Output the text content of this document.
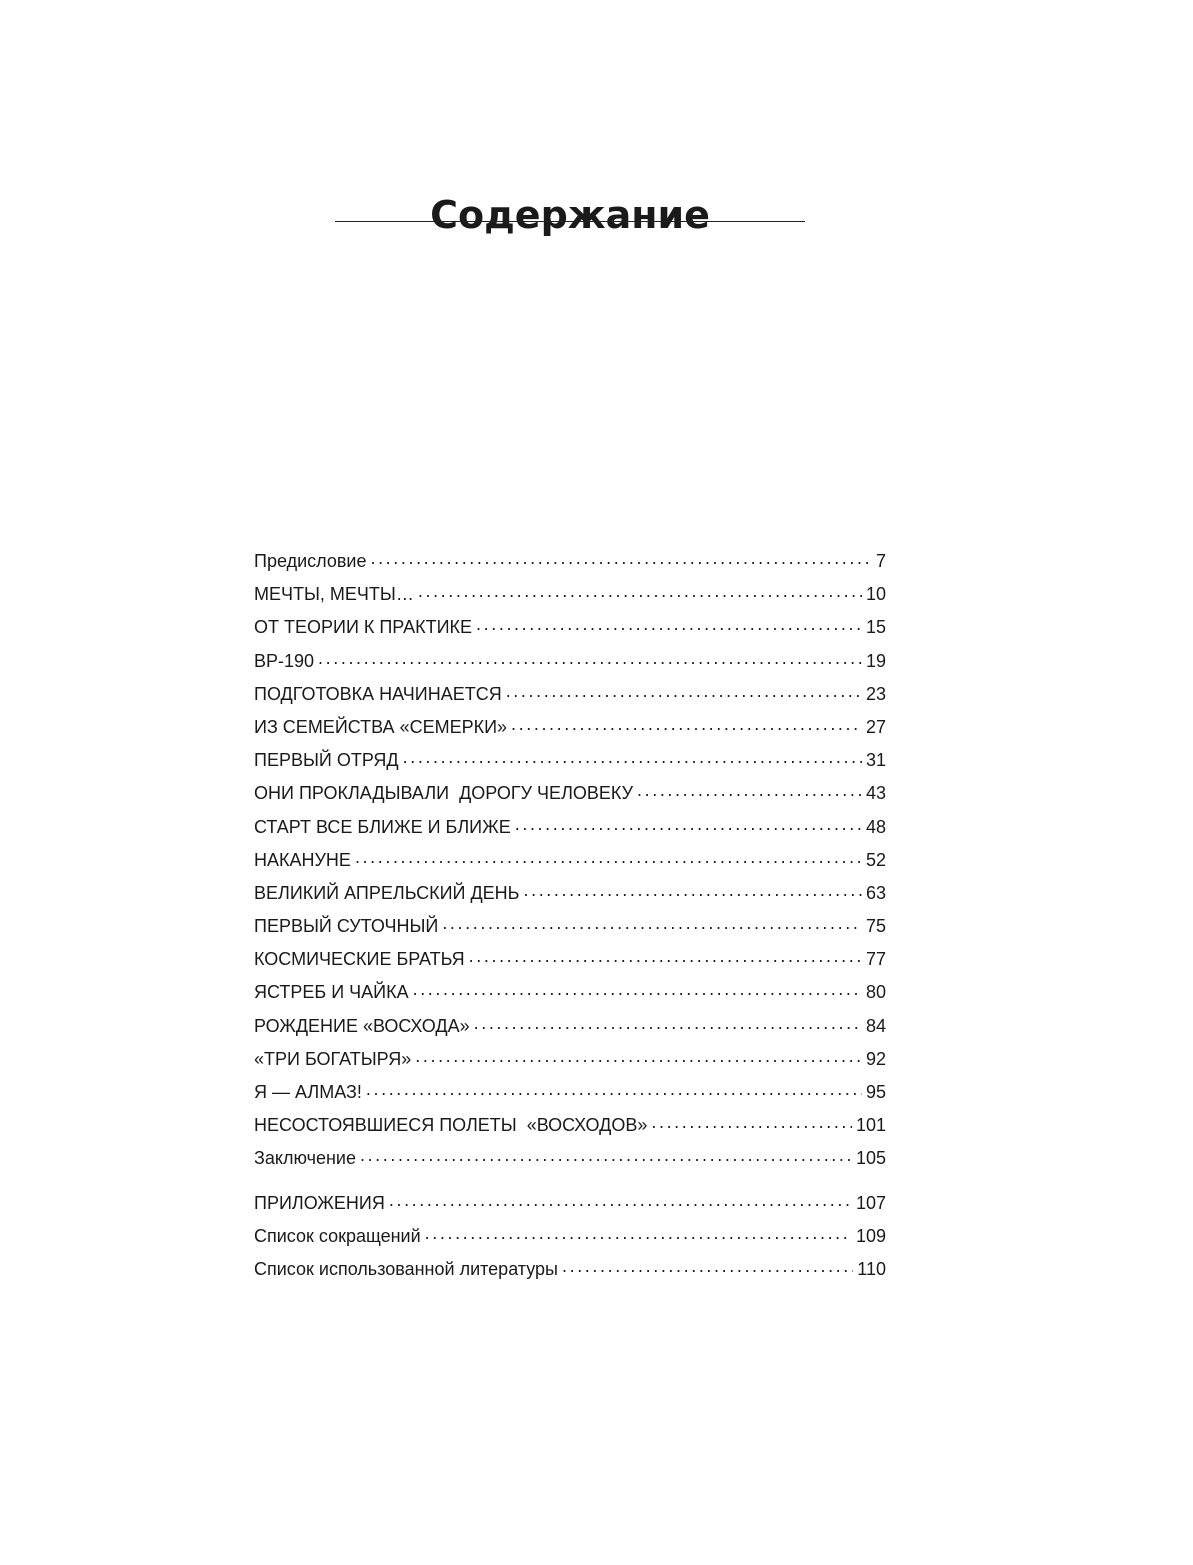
Содержание
Предисловие . . .	7
МЕЧТЫ, МЕЧТЫ… . . .	10
ОТ ТЕОРИИ К ПРАКТИКЕ . . .	15
ВР-190 . . .	19
ПОДГОТОВКА НАЧИНАЕТСЯ . . .	23
ИЗ СЕМЕЙСТВА «СЕМЕРКИ» . . .	27
ПЕРВЫЙ ОТРЯД . . .	31
ОНИ ПРОКЛАДЫВАЛИ  ДОРОГУ ЧЕЛОВЕКУ . . .	43
СТАРТ ВСЕ БЛИЖЕ И БЛИЖЕ . . .	48
НАКАНУНЕ . . .	52
ВЕЛИКИЙ АПРЕЛЬСКИЙ ДЕНЬ . . .	63
ПЕРВЫЙ СУТОЧНЫЙ . . .	75
КОСМИЧЕСКИЕ БРАТЬЯ . . .	77
ЯСТРЕБ И ЧАЙКА . . .	80
РОЖДЕНИЕ «ВОСХОДА» . . .	84
«ТРИ БОГАТЫРЯ» . . .	92
Я — АЛМАЗ! . . .	95
НЕСОСТОЯВШИЕСЯ ПОЛЕТЫ  «ВОСХОДОВ» . . .	101
Заключение . . .	105
ПРИЛОЖЕНИЯ . . .	107
Список сокращений . . .	109
Список использованной литературы . . .	110
